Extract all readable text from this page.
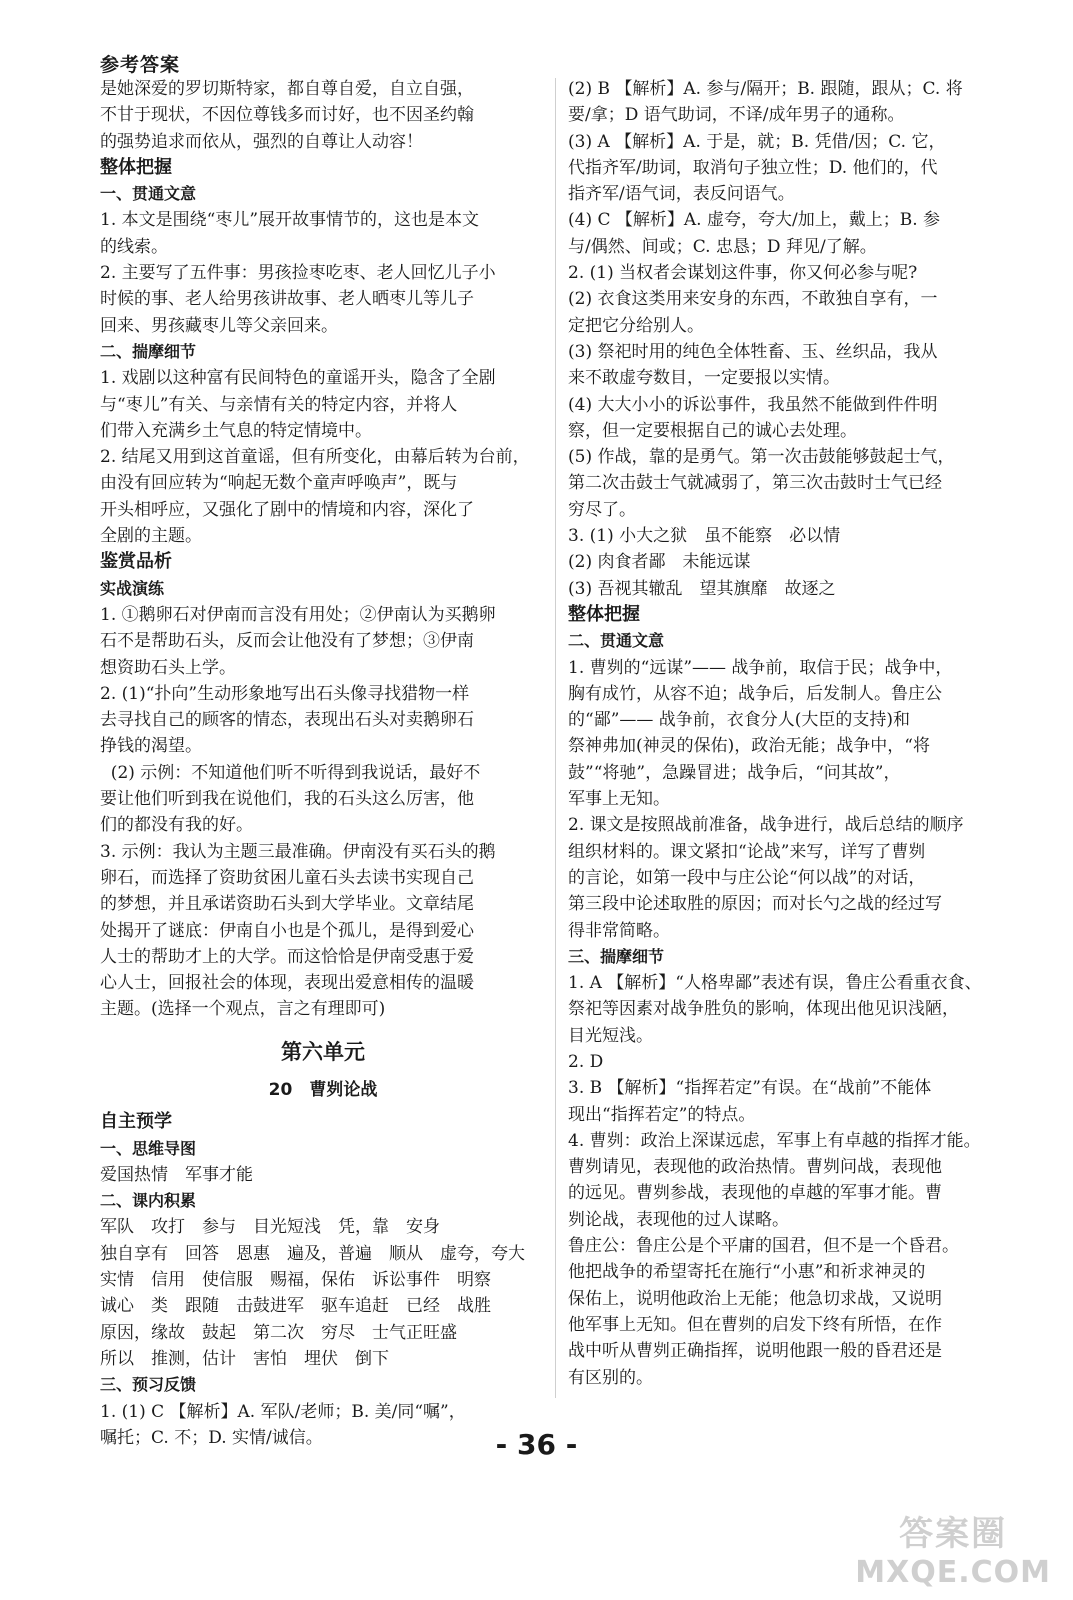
参考答案
是她深爱的罗切斯特家，都自尊自爱，自立自强，
不甘于现状，不因位尊钱多而讨好，也不因圣约翰
的强势追求而依从，强烈的自尊让人动容！
整体把握
一、贯通文意
1. 本文是围绕“枣儿”展开故事情节的，这也是本文
的线索。
2. 主要写了五件事：男孩捡枣吃枣、老人回忆儿子小
时候的事、老人给男孩讲故事、老人晒枣儿等儿子
回来、男孩藏枣儿等父亲回来。
二、揣摩细节
1. 戏剧以这种富有民间特色的童谣开头，隐含了全剧
与“枣儿”有关、与亲情有关的特定内容，并将人
们带入充满乡土气息的特定情境中。
2. 结尾又用到这首童谣，但有所变化，由幕后转为台前，
由没有回应转为“响起无数个童声呼唤声”，既与
开头相呼应，又强化了剧中的情境和内容，深化了
全剧的主题。
鉴赏品析
实战演练
1. ①鹅卵石对伊南而言没有用处；②伊南认为买鹅卵
石不是帮助石头，反而会让他没有了梦想；③伊南
想资助石头上学。
2. (1)“扑向”生动形象地写出石头像寻找猎物一样
去寻找自己的顾客的情态，表现出石头对卖鹅卵石
挣钱的渴望。
(2) 示例：不知道他们听不听得到我说话，最好不
要让他们听到我在说他们，我的石头这么厉害，他
们的都没有我的好。
3. 示例：我认为主题三最准确。伊南没有买石头的鹅
卵石，而选择了资助贫困儿童石头去读书实现自己
的梦想，并且承诺资助石头到大学毕业。文章结尾
处揭开了谜底：伊南自小也是个孤儿，是得到爱心
人士的帮助才上的大学。而这恰恰是伊南受惠于爱
心人士，回报社会的体现，表现出爱意相传的温暖
主题。(选择一个观点，言之有理即可)
第六单元
20　曹刿论战
自主预学
一、思维导图
爱国热情　军事才能
二、课内积累
军队　攻打　参与　目光短浅　凭，靠　安身
独自享有　回答　恩惠　遍及，普遍　顺从　虚夸，夸大
实情　信用　使信服　赐福，保佑　诉讼事件　明察
诚心　类　跟随　击鼓进军　驱车追赶　已经　战胜
原因，缘故　鼓起　第二次　穷尽　士气正旺盛
所以　推测，估计　害怕　埋伏　倒下
三、预习反馈
1. (1) C 【解析】A. 军队/老师；B. 美/同“嘱”，
嘱托；C. 不；D. 实情/诚信。
(2) B 【解析】A. 参与/隔开；B. 跟随，跟从；C. 将
要/拿；D 语气助词，不译/成年男子的通称。
(3) A 【解析】A. 于是，就；B. 凭借/因；C. 它，
代指齐军/助词，取消句子独立性；D. 他们的，代
指齐军/语气词，表反问语气。
(4) C 【解析】A. 虚夸，夸大/加上，戴上；B. 参
与/偶然、间或；C. 忠恳；D 拜见/了解。
2. (1) 当权者会谋划这件事，你又何必参与呢?
(2) 衣食这类用来安身的东西，不敢独自享有，一
定把它分给别人。
(3) 祭祀时用的纯色全体牲畜、玉、丝织品，我从
来不敢虚夸数目，一定要报以实情。
(4) 大大小小的诉讼事件，我虽然不能做到件件明
察，但一定要根据自己的诚心去处理。
(5) 作战，靠的是勇气。第一次击鼓能够鼓起士气，
第二次击鼓士气就减弱了，第三次击鼓时士气已经
穷尽了。
3. (1) 小大之狱　虽不能察　必以情
(2) 肉食者鄙　未能远谋
(3) 吾视其辙乱　望其旗靡　故逐之
整体把握
二、贯通文意
1. 曹刿的“远谋”—— 战争前，取信于民；战争中，
胸有成竹，从容不迫；战争后，后发制人。鲁庄公
的“鄙”—— 战争前，衣食分人(大臣的支持)和
祭神弗加(神灵的保佑)，政治无能；战争中，“将
鼓”“将驰”，急躁冒进；战争后，“问其故”，
军事上无知。
2. 课文是按照战前准备，战争进行，战后总结的顺序
组织材料的。课文紧扣“论战”来写，详写了曹刿
的言论，如第一段中与庄公论“何以战”的对话，
第三段中论述取胜的原因；而对长勺之战的经过写
得非常简略。
三、揣摩细节
1. A 【解析】“人格卑鄙”表述有误，鲁庄公看重衣食、
祭祀等因素对战争胜负的影响，体现出他见识浅陋，
目光短浅。
2. D
3. B 【解析】“指挥若定”有误。在“战前”不能体
现出“指挥若定”的特点。
4. 曹刿：政治上深谋远虑，军事上有卓越的指挥才能。
曹刿请见，表现他的政治热情。曹刿问战，表现他
的远见。曹刿参战，表现他的卓越的军事才能。曹
刿论战，表现他的过人谋略。
鲁庄公：鲁庄公是个平庸的国君，但不是一个昏君。
他把战争的希望寄托在施行“小惠”和祈求神灵的
保佑上，说明他政治上无能；他急切求战，又说明
他军事上无知。但在曹刿的启发下终有所悟，在作
战中听从曹刿正确指挥，说明他跟一般的昏君还是
有区别的。
- 36 -
答案圈
MXQE.COM
